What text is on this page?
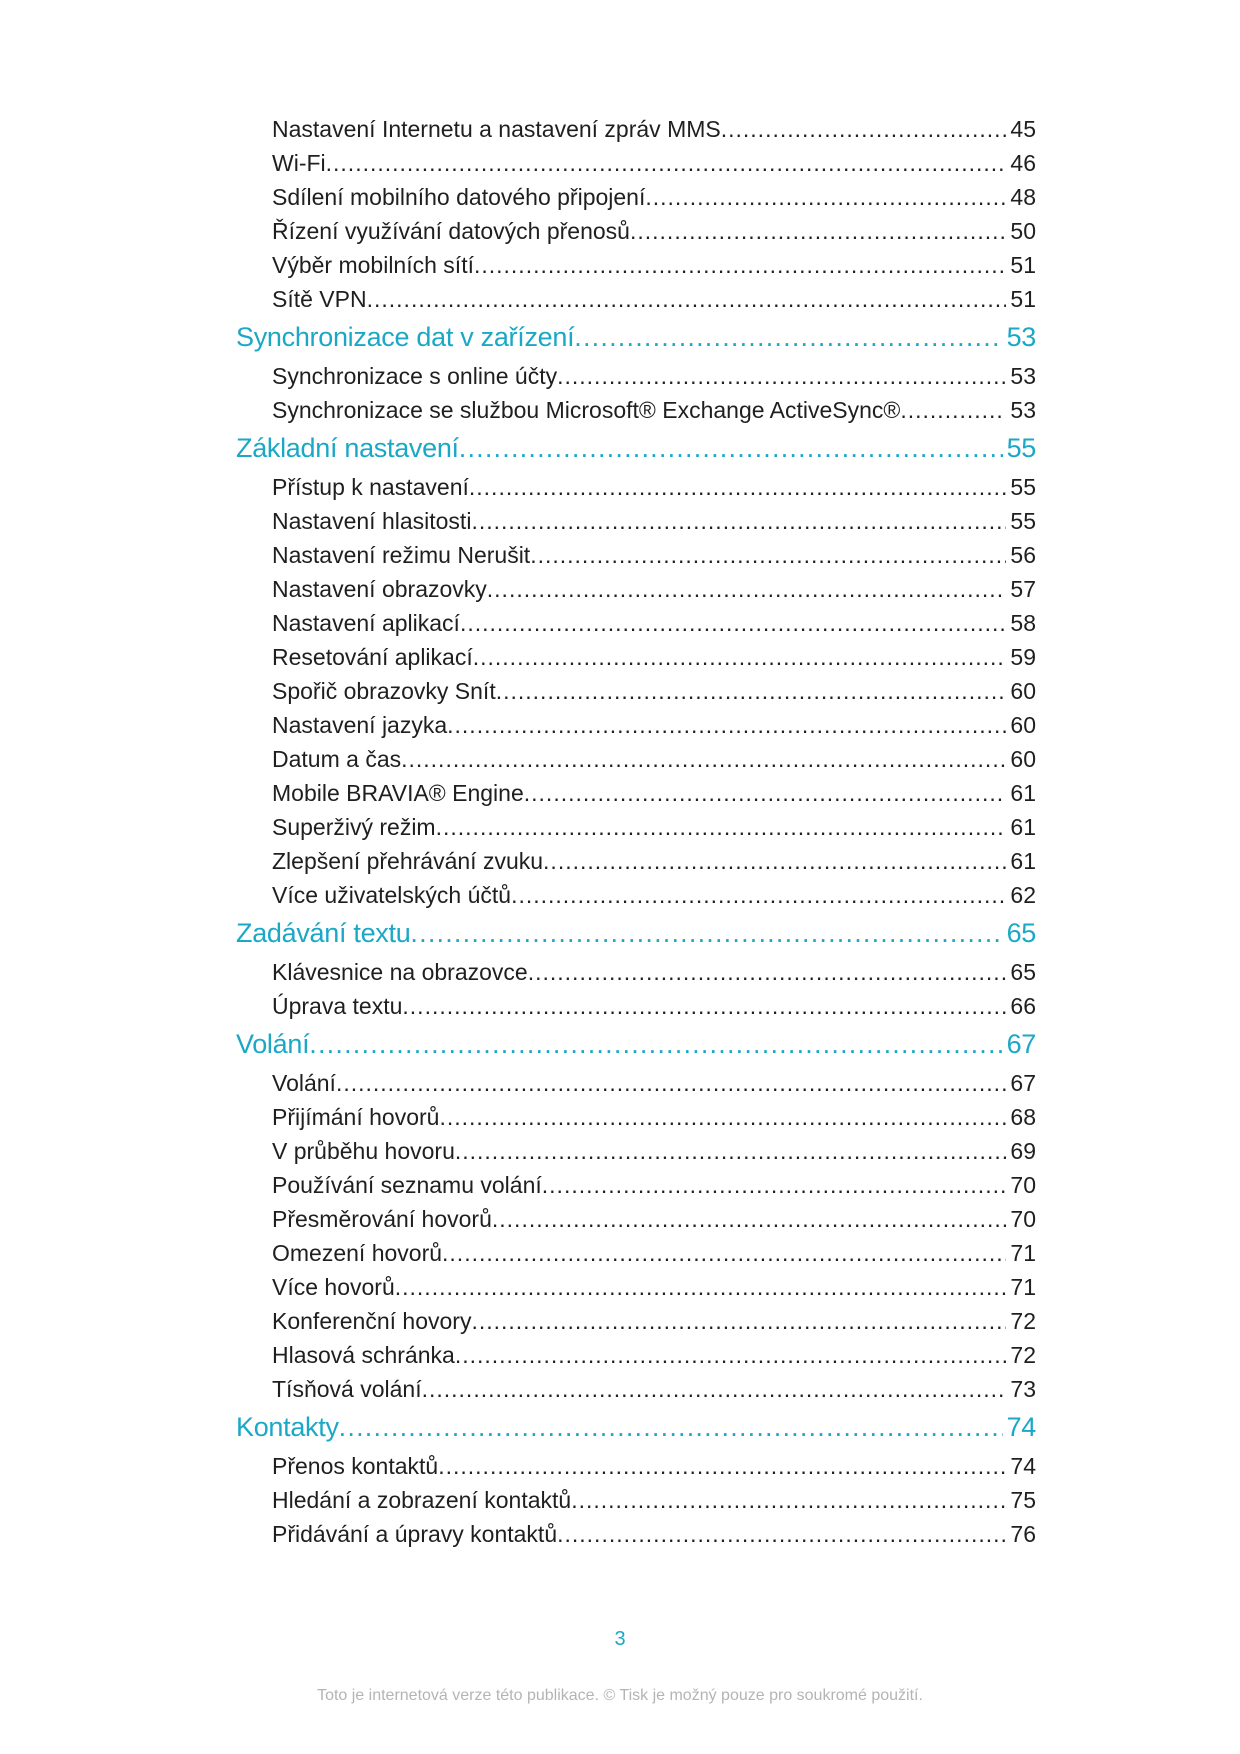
Nastavení Internetu a nastavení zpráv MMS .....	45
Wi-Fi .....	46
Sdílení mobilního datového připojení .....	48
Řízení využívání datových přenosů .....	50
Výběr mobilních sítí .....	51
Sítě VPN .....	51
Synchronizace dat v zařízení .....	53
Synchronizace s online účty .....	53
Synchronizace se službou Microsoft® Exchange ActiveSync® .....	53
Základní nastavení .....	55
Přístup k nastavení .....	55
Nastavení hlasitosti .....	55
Nastavení režimu Nerušit .....	56
Nastavení obrazovky .....	57
Nastavení aplikací .....	58
Resetování aplikací .....	59
Spořič obrazovky Snít .....	60
Nastavení jazyka .....	60
Datum a čas .....	60
Mobile BRAVIA® Engine .....	61
Superživý režim .....	61
Zlepšení přehrávání zvuku .....	61
Více uživatelských účtů .....	62
Zadávání textu .....	65
Klávesnice na obrazovce .....	65
Úprava textu .....	66
Volání .....	67
Volání .....	67
Přijímání hovorů .....	68
V průběhu hovoru .....	69
Používání seznamu volání .....	70
Přesměrování hovorů .....	70
Omezení hovorů .....	71
Více hovorů .....	71
Konferenční hovory .....	72
Hlasová schránka .....	72
Tísňová volání .....	73
Kontakty .....	74
Přenos kontaktů .....	74
Hledání a zobrazení kontaktů .....	75
Přidávání a úpravy kontaktů .....	76
3
Toto je internetová verze této publikace. © Tisk je možný pouze pro soukromé použití.
